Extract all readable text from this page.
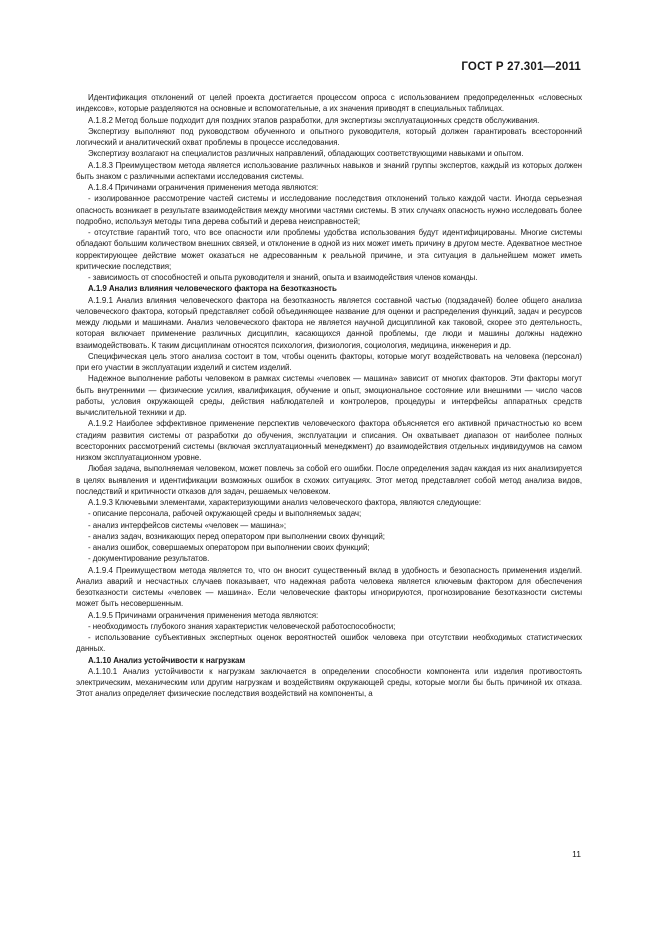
ГОСТ Р 27.301—2011

Идентификация отклонений от целей проекта достигается процессом опроса с использованием предопределенных «словесных индексов», которые разделяются на основные и вспомогательные, а их значения приводят в специальных таблицах.

А.1.8.2 Метод больше подходит для поздних этапов разработки, для экспертизы эксплуатационных средств обслуживания.

Экспертизу выполняют под руководством обученного и опытного руководителя, который должен гарантировать всесторонний логический и аналитический охват проблемы в процессе исследования.

Экспертизу возлагают на специалистов различных направлений, обладающих соответствующими навыками и опытом.

А.1.8.3 Преимуществом метода является использование различных навыков и знаний группы экспертов, каждый из которых должен быть знаком с различными аспектами исследования системы.

А.1.8.4 Причинами ограничения применения метода являются:

- изолированное рассмотрение частей системы и исследование последствия отклонений только каждой части. Иногда серьезная опасность возникает в результате взаимодействия между многими частями системы. В этих случаях опасность нужно исследовать более подробно, используя методы типа дерева событий и дерева неисправностей;

- отсутствие гарантий того, что все опасности или проблемы удобства использования будут идентифицированы. Многие системы обладают большим количеством внешних связей, и отклонение в одной из них может иметь причину в другом месте. Адекватное местное корректирующее действие может оказаться не адресованным к реальной причине, и эта ситуация в дальнейшем может иметь критические последствия;

- зависимость от способностей и опыта руководителя и знаний, опыта и взаимодействия членов команды.

А.1.9 Анализ влияния человеческого фактора на безотказность

А.1.9.1 Анализ влияния человеческого фактора на безотказность является составной частью (подзадачей) более общего анализа человеческого фактора, который представляет собой объединяющее название для оценки и распределения функций, задач и ресурсов между людьми и машинами. Анализ человеческого фактора не является научной дисциплиной как таковой, скорее это деятельность, которая включает применение различных дисциплин, касающихся данной проблемы, где люди и машины должны надежно взаимодействовать. К таким дисциплинам относятся психология, физиология, социология, медицина, инженерия и др.

Специфическая цель этого анализа состоит в том, чтобы оценить факторы, которые могут воздействовать на человека (персонал) при его участии в эксплуатации изделий и систем изделий.

Надежное выполнение работы человеком в рамках системы «человек — машина» зависит от многих факторов. Эти факторы могут быть внутренними — физические усилия, квалификация, обучение и опыт, эмоциональное состояние или внешними — число часов работы, условия окружающей среды, действия наблюдателей и контролеров, процедуры и интерфейсы аппаратных средств вычислительной техники и др.

А.1.9.2 Наиболее эффективное применение перспектив человеческого фактора объясняется его активной причастностью ко всем стадиям развития системы от разработки до обучения, эксплуатации и списания. Он охватывает диапазон от наиболее полных всесторонних рассмотрений системы (включая эксплуатационный менеджмент) до взаимодействия отдельных индивидуумов на самом низком эксплуатационном уровне.

Любая задача, выполняемая человеком, может повлечь за собой его ошибки. После определения задач каждая из них анализируется в целях выявления и идентификации возможных ошибок в схожих ситуациях. Этот метод представляет собой метод анализа видов, последствий и критичности отказов для задач, решаемых человеком.

А.1.9.3 Ключевыми элементами, характеризующими анализ человеческого фактора, являются следующие:

- описание персонала, рабочей окружающей среды и выполняемых задач;

- анализ интерфейсов системы «человек — машина»;

- анализ задач, возникающих перед оператором при выполнении своих функций;

- анализ ошибок, совершаемых оператором при выполнении своих функций;

- документирование результатов.

А.1.9.4 Преимуществом метода является то, что он вносит существенный вклад в удобность и безопасность применения изделий. Анализ аварий и несчастных случаев показывает, что надежная работа человека является ключевым фактором для обеспечения безотказности системы «человек — машина». Если человеческие факторы игнорируются, прогнозирование безотказности системы может быть несовершенным.

А.1.9.5 Причинами ограничения применения метода являются:

- необходимость глубокого знания характеристик человеческой работоспособности;

- использование субъективных экспертных оценок вероятностей ошибок человека при отсутствии необходимых статистических данных.

А.1.10 Анализ устойчивости к нагрузкам

А.1.10.1 Анализ устойчивости к нагрузкам заключается в определении способности компонента или изделия противостоять электрическим, механическим или другим нагрузкам и воздействиям окружающей среды, которые могли бы быть причиной их отказа. Этот анализ определяет физические последствия воздействий на компоненты, а

11
